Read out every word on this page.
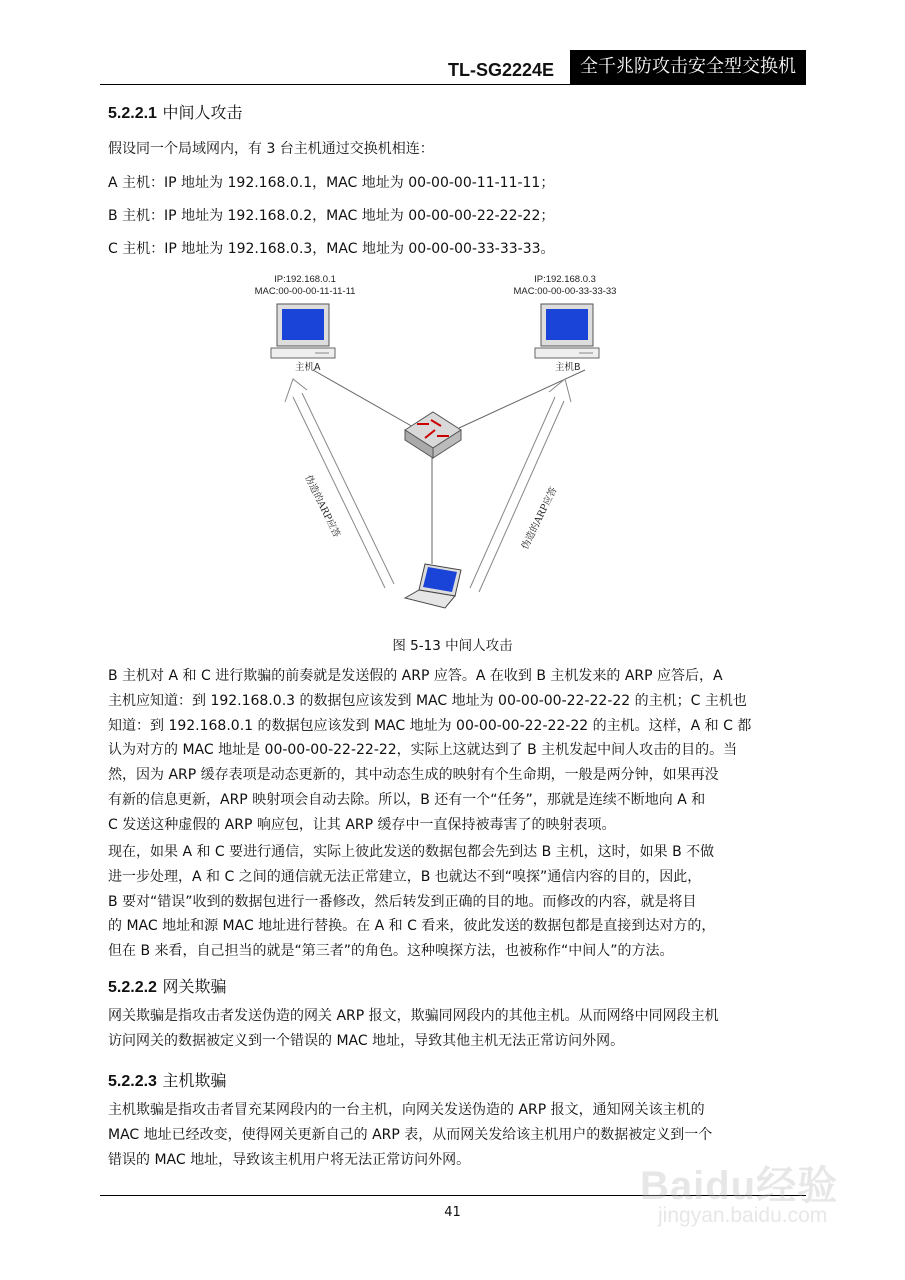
TL-SG2224E	全千兆防攻击安全型交换机
5.2.2.1 中间人攻击
假设同一个局域网内，有 3 台主机通过交换机相连：
A 主机：IP 地址为 192.168.0.1，MAC 地址为 00-00-00-11-11-11；
B 主机：IP 地址为 192.168.0.2，MAC 地址为 00-00-00-22-22-22；
C 主机：IP 地址为 192.168.0.3，MAC 地址为 00-00-00-33-33-33。
IP:192.168.0.1
MAC:00-00-00-11-11-11
主机A
IP:192.168.0.3
MAC:00-00-00-33-33-33
主机B
伪造的ARP应答	伪造的ARP应答
图 5-13 中间人攻击
B 主机对 A 和 C 进行欺骗的前奏就是发送假的 ARP 应答。A 在收到 B 主机发来的 ARP 应答后，A
主机应知道：到 192.168.0.3 的数据包应该发到 MAC 地址为 00-00-00-22-22-22 的主机；C 主机也
知道：到 192.168.0.1 的数据包应该发到 MAC 地址为 00-00-00-22-22-22 的主机。这样，A 和 C 都
认为对方的 MAC 地址是 00-00-00-22-22-22，实际上这就达到了 B 主机发起中间人攻击的目的。当
然，因为 ARP 缓存表项是动态更新的，其中动态生成的映射有个生命期，一般是两分钟，如果再没
有新的信息更新，ARP 映射项会自动去除。所以，B 还有一个“任务”，那就是连续不断地向 A 和
C 发送这种虚假的 ARP 响应包，让其 ARP 缓存中一直保持被毒害了的映射表项。
现在，如果 A 和 C 要进行通信，实际上彼此发送的数据包都会先到达 B 主机，这时，如果 B 不做
进一步处理，A 和 C 之间的通信就无法正常建立，B 也就达不到“嗅探”通信内容的目的，因此，
B 要对“错误”收到的数据包进行一番修改，然后转发到正确的目的地。而修改的内容，就是将目
的 MAC 地址和源 MAC 地址进行替换。在 A 和 C 看来，彼此发送的数据包都是直接到达对方的，
但在 B 来看，自己担当的就是“第三者”的角色。这种嗅探方法，也被称作“中间人”的方法。
5.2.2.2 网关欺骗
网关欺骗是指攻击者发送伪造的网关 ARP 报文，欺骗同网段内的其他主机。从而网络中同网段主机
访问网关的数据被定义到一个错误的 MAC 地址，导致其他主机无法正常访问外网。
5.2.2.3 主机欺骗
主机欺骗是指攻击者冒充某网段内的一台主机，向网关发送伪造的 ARP 报文，通知网关该主机的
MAC 地址已经改变，使得网关更新自己的 ARP 表，从而网关发给该主机用户的数据被定义到一个
错误的 MAC 地址，导致该主机用户将无法正常访问外网。
41
Baidu经验
jingyan.baidu.com
